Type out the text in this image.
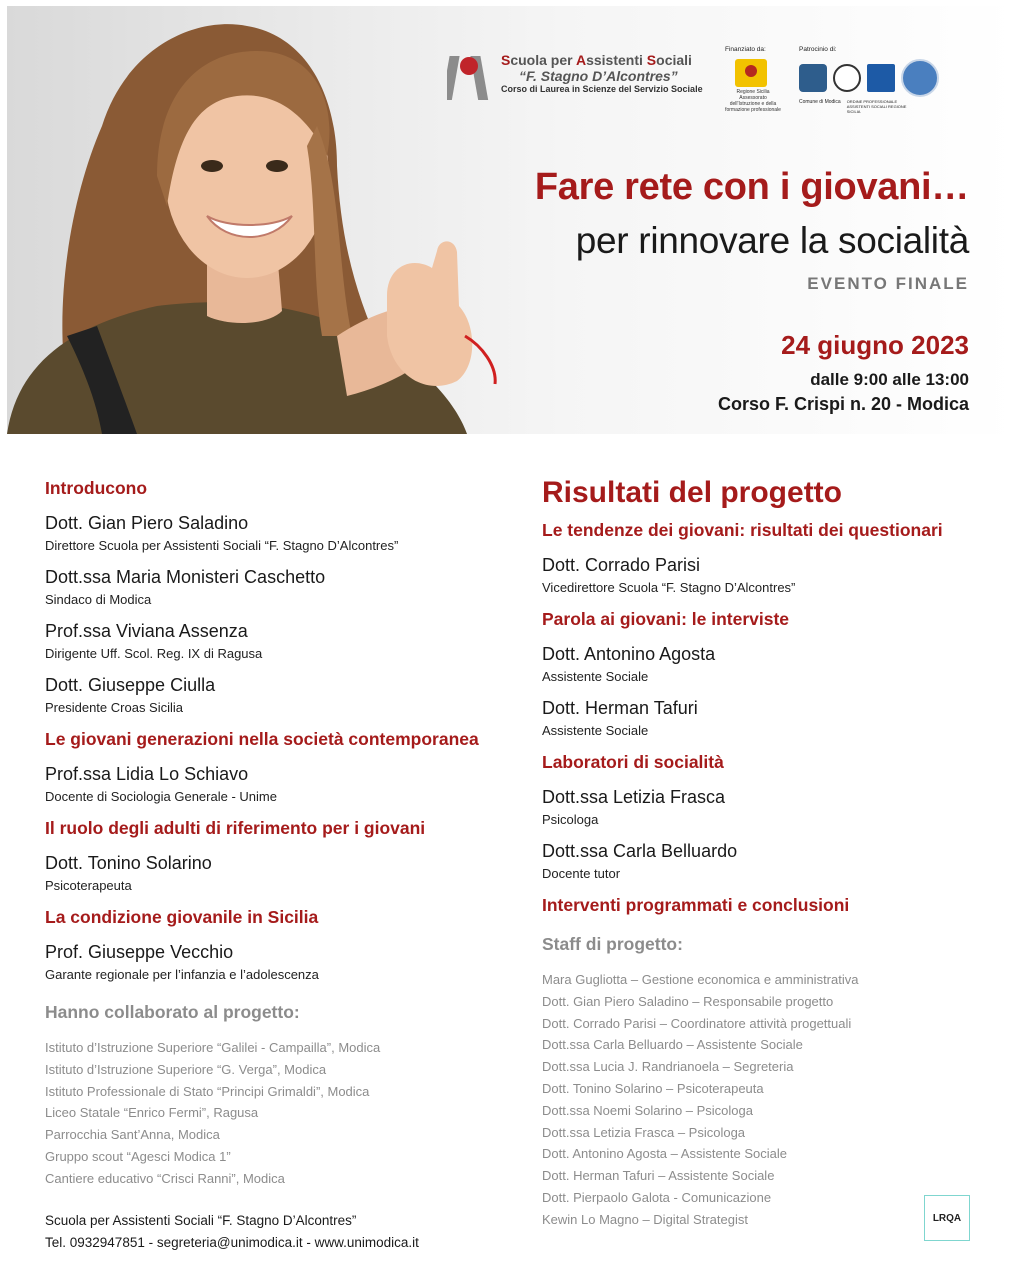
Scuola per Assistenti Sociali
“F. Stagno D’Alcontres”
Corso di Laurea in Scienze del Servizio Sociale
Finanziato da:
Regione Sicilia Assessorato dell'Istruzione e della formazione professionale
Patrocinio di:
Comune di Modica ORDINE PROFESSIONALE ASSISTENTI SOCIALI REGIONE SICILIA
Fare rete con i giovani…
per rinnovare la socialità
EVENTO FINALE
24 giugno 2023
dalle 9:00 alle 13:00
Corso F. Crispi n. 20 - Modica
Introducono
Dott. Gian Piero Saladino
Direttore Scuola per Assistenti Sociali “F. Stagno D’Alcontres”
Dott.ssa Maria Monisteri Caschetto
Sindaco di Modica
Prof.ssa Viviana Assenza
Dirigente Uff. Scol. Reg. IX di Ragusa
Dott. Giuseppe Ciulla
Presidente Croas Sicilia
Le giovani generazioni nella società contemporanea
Prof.ssa Lidia Lo Schiavo
Docente di Sociologia Generale - Unime
Il ruolo degli adulti di riferimento per i giovani
Dott. Tonino Solarino
Psicoterapeuta
La condizione giovanile in Sicilia
Prof. Giuseppe Vecchio
Garante regionale per l’infanzia e l’adolescenza
Hanno collaborato al progetto:
Istituto d’Istruzione Superiore “Galilei - Campailla”, Modica
Istituto d’Istruzione Superiore “G. Verga”, Modica
Istituto Professionale di Stato “Principi Grimaldi”, Modica
Liceo Statale “Enrico Fermi”, Ragusa
Parrocchia Sant’Anna, Modica
Gruppo scout “Agesci Modica 1”
Cantiere educativo “Crisci Ranni”, Modica
Risultati del progetto
Le tendenze dei giovani: risultati dei questionari
Dott. Corrado Parisi
Vicedirettore Scuola “F. Stagno D’Alcontres”
Parola ai giovani: le interviste
Dott. Antonino Agosta
Assistente Sociale
Dott. Herman Tafuri
Assistente Sociale
Laboratori di socialità
Dott.ssa Letizia Frasca
Psicologa
Dott.ssa Carla Belluardo
Docente tutor
Interventi programmati e conclusioni
Staff di progetto:
Mara Gugliotta – Gestione economica e amministrativa
Dott. Gian Piero Saladino – Responsabile progetto
Dott. Corrado Parisi – Coordinatore attività progettuali
Dott.ssa Carla Belluardo – Assistente Sociale
Dott.ssa Lucia J. Randrianoela – Segreteria
Dott. Tonino Solarino – Psicoterapeuta
Dott.ssa Noemi Solarino – Psicologa
Dott.ssa Letizia Frasca – Psicologa
Dott. Antonino Agosta – Assistente Sociale
Dott. Herman Tafuri – Assistente Sociale
Dott. Pierpaolo Galota - Comunicazione
Kewin Lo Magno – Digital Strategist
Scuola per Assistenti Sociali “F. Stagno D’Alcontres”
Tel. 0932947851 - segreteria@unimodica.it - www.unimodica.it
LRQA
